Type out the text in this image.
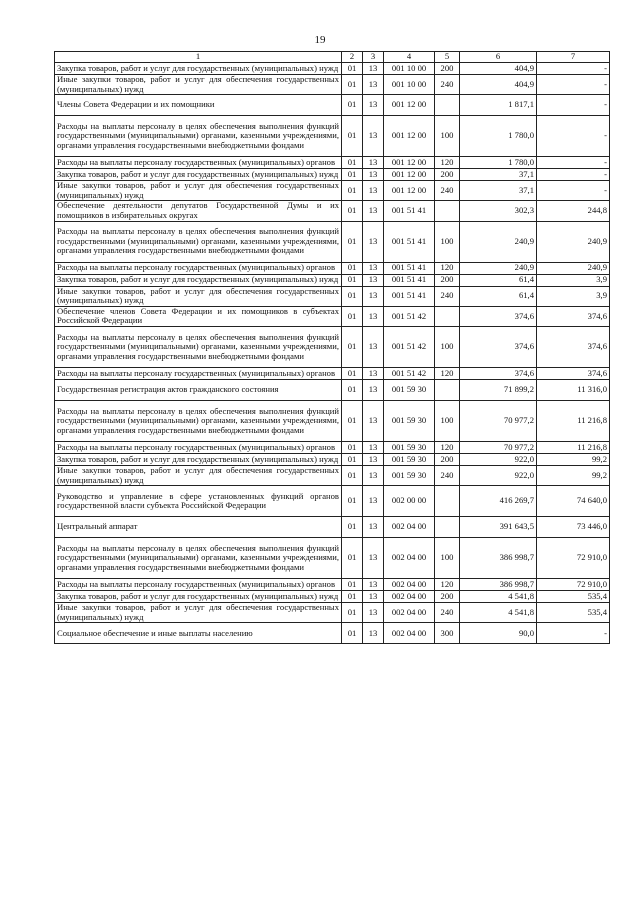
19
1	2	3	4	5	6	7
Закупка товаров, работ и услуг для государственных (муниципальных) нужд	01	13	001 10 00	200	404,9	-
Иные закупки товаров, работ и услуг для обеспечения государственных (муниципальных) нужд	01	13	001 10 00	240	404,9	-
Члены Совета Федерации и их помощники	01	13	001 12 00		1 817,1	-
Расходы на выплаты персоналу в целях обеспечения выполнения функций государственными (муниципальными) органами, казенными учреждениями, органами управления государственными внебюджетными фондами	01	13	001 12 00	100	1 780,0	-
Расходы на выплаты персоналу государственных (муниципальных) органов	01	13	001 12 00	120	1 780,0	-
Закупка товаров, работ и услуг для государственных (муниципальных) нужд	01	13	001 12 00	200	37,1	-
Иные закупки товаров, работ и услуг для обеспечения государственных (муниципальных) нужд	01	13	001 12 00	240	37,1	-
Обеспечение деятельности депутатов Государственной Думы и их помощников в избирательных округах	01	13	001 51 41		302,3	244,8
Расходы на выплаты персоналу в целях обеспечения выполнения функций государственными (муниципальными) органами, казенными учреждениями, органами управления государственными внебюджетными фондами	01	13	001 51 41	100	240,9	240,9
Расходы на выплаты персоналу государственных (муниципальных) органов	01	13	001 51 41	120	240,9	240,9
Закупка товаров, работ и услуг для государственных (муниципальных) нужд	01	13	001 51 41	200	61,4	3,9
Иные закупки товаров, работ и услуг для обеспечения государственных (муниципальных) нужд	01	13	001 51 41	240	61,4	3,9
Обеспечение членов Совета Федерации и их помощников в субъектах Российской Федерации	01	13	001 51 42		374,6	374,6
Расходы на выплаты персоналу в целях обеспечения выполнения функций государственными (муниципальными) органами, казенными учреждениями, органами управления государственными внебюджетными фондами	01	13	001 51 42	100	374,6	374,6
Расходы на выплаты персоналу государственных (муниципальных) органов	01	13	001 51 42	120	374,6	374,6
Государственная регистрация актов гражданского состояния	01	13	001 59 30		71 899,2	11 316,0
Расходы на выплаты персоналу в целях обеспечения выполнения функций государственными (муниципальными) органами, казенными учреждениями, органами управления государственными внебюджетными фондами	01	13	001 59 30	100	70 977,2	11 216,8
Расходы на выплаты персоналу государственных (муниципальных) органов	01	13	001 59 30	120	70 977,2	11 216,8
Закупка товаров, работ и услуг для государственных (муниципальных) нужд	01	13	001 59 30	200	922,0	99,2
Иные закупки товаров, работ и услуг для обеспечения государственных (муниципальных) нужд	01	13	001 59 30	240	922,0	99,2
Руководство и управление в сфере установленных функций органов государственной власти субъекта Российской Федерации	01	13	002 00 00		416 269,7	74 640,0
Центральный аппарат	01	13	002 04 00		391 643,5	73 446,0
Расходы на выплаты персоналу в целях обеспечения выполнения функций государственными (муниципальными) органами, казенными учреждениями, органами управления государственными внебюджетными фондами	01	13	002 04 00	100	386 998,7	72 910,0
Расходы на выплаты персоналу государственных (муниципальных) органов	01	13	002 04 00	120	386 998,7	72 910,0
Закупка товаров, работ и услуг для государственных (муниципальных) нужд	01	13	002 04 00	200	4 541,8	535,4
Иные закупки товаров, работ и услуг для обеспечения государственных (муниципальных) нужд	01	13	002 04 00	240	4 541,8	535,4
Социальное обеспечение и иные выплаты населению	01	13	002 04 00	300	90,0	-
